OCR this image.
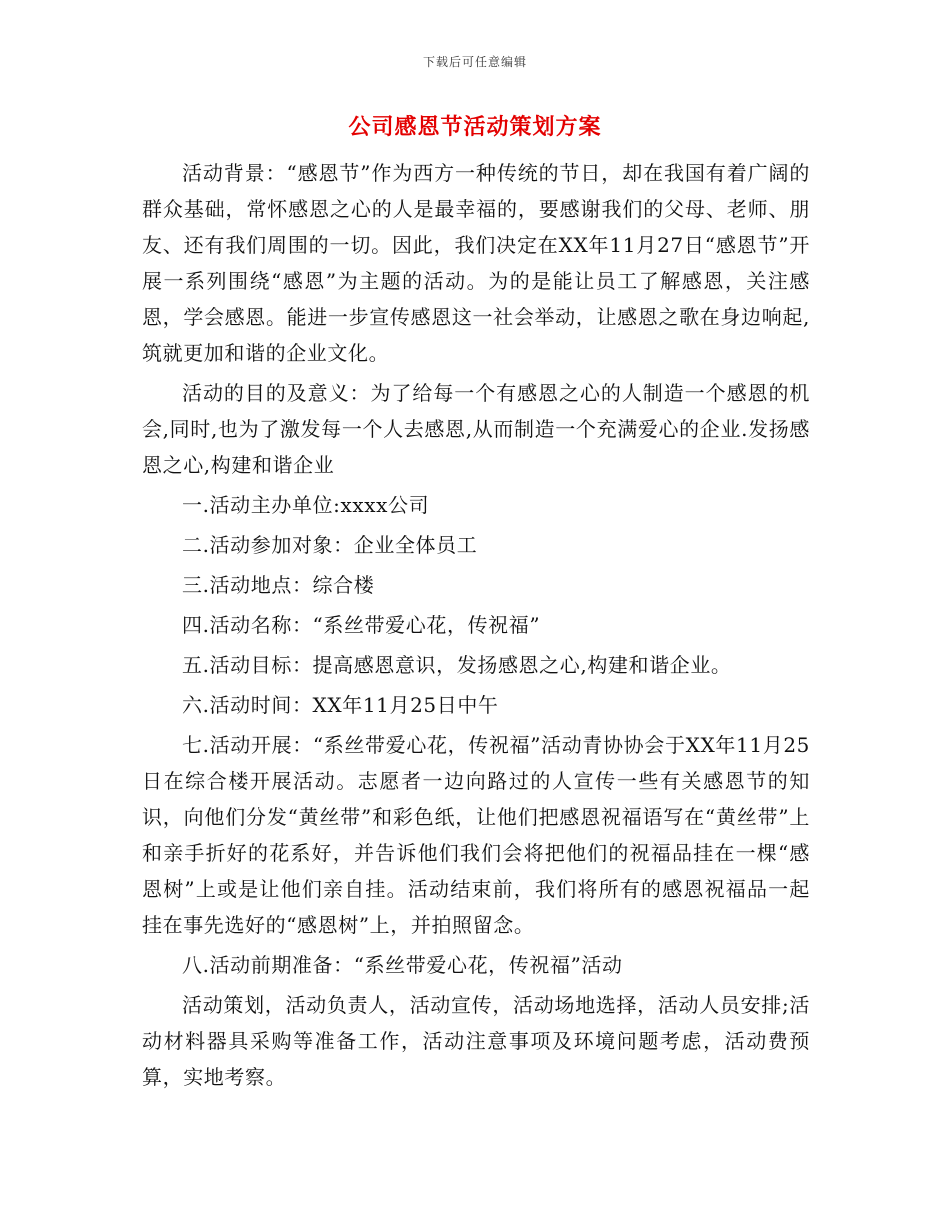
下载后可任意编辑
公司感恩节活动策划方案

活动背景：“感恩节”作为西方一种传统的节日，却在我国有着广阔的群众基础，常怀感恩之心的人是最幸福的，要感谢我们的父母、老师、朋友、还有我们周围的一切。因此，我们决定在XX年11月27日“感恩节”开展一系列围绕“感恩”为主题的活动。为的是能让员工了解感恩，关注感恩，学会感恩。能进一步宣传感恩这一社会举动，让感恩之歌在身边响起,筑就更加和谐的企业文化。

活动的目的及意义：为了给每一个有感恩之心的人制造一个感恩的机会,同时,也为了激发每一个人去感恩,从而制造一个充满爱心的企业.发扬感恩之心,构建和谐企业

一.活动主办单位:xxxx公司

二.活动参加对象：企业全体员工

三.活动地点：综合楼

四.活动名称：“系丝带爱心花，传祝福”

五.活动目标：提高感恩意识，发扬感恩之心,构建和谐企业。

六.活动时间：XX年11月25日中午

七.活动开展：“系丝带爱心花，传祝福”活动青协协会于XX年11月25日在综合楼开展活动。志愿者一边向路过的人宣传一些有关感恩节的知识，向他们分发“黄丝带”和彩色纸，让他们把感恩祝福语写在“黄丝带”上和亲手折好的花系好，并告诉他们我们会将把他们的祝福品挂在一棵“感恩树”上或是让他们亲自挂。活动结束前，我们将所有的感恩祝福品一起挂在事先选好的“感恩树”上，并拍照留念。

八.活动前期准备：“系丝带爱心花，传祝福”活动

活动策划，活动负责人，活动宣传，活动场地选择，活动人员安排;活动材料器具采购等准备工作，活动注意事项及环境问题考虑，活动费预算，实地考察。
